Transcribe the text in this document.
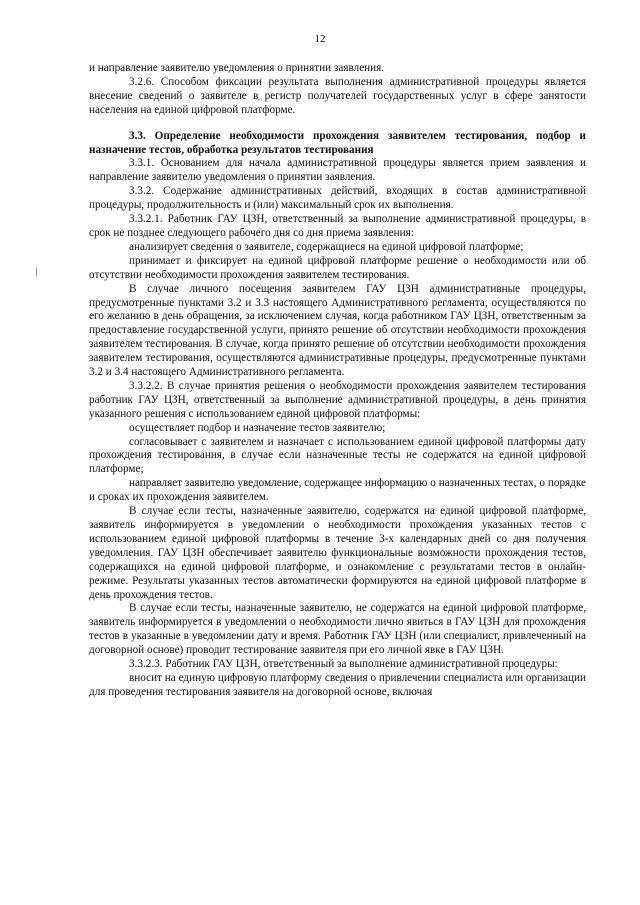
12

и направление заявителю уведомления о принятии заявления.

3.2.6. Способом фиксации результата выполнения административной процедуры является внесение сведений о заявителе в регистр получателей государственных услуг в сфере занятости населения на единой цифровой платформе.

3.3. Определение необходимости прохождения заявителем тестирования, подбор и назначение тестов, обработка результатов тестирования

3.3.1. Основанием для начала административной процедуры является прием заявления и направление заявителю уведомления о принятии заявления.

3.3.2. Содержание административных действий, входящих в состав административной процедуры, продолжительность и (или) максимальный срок их выполнения.

3.3.2.1. Работник ГАУ ЦЗН, ответственный за выполнение административной процедуры, в срок не позднее следующего рабочего дня со дня приема заявления:

анализирует сведения о заявителе, содержащиеся на единой цифровой платформе;

принимает и фиксирует на единой цифровой платформе решение о необходимости или об отсутствии необходимости прохождения заявителем тестирования.

В случае личного посещения заявителем ГАУ ЦЗН административные процедуры, предусмотренные пунктами 3.2 и 3.3 настоящего Административного регламента, осуществляются по его желанию в день обращения, за исключением случая, когда работником ГАУ ЦЗН, ответственным за предоставление государственной услуги, принято решение об отсутствии необходимости прохождения заявителем тестирования. В случае, когда принято решение об отсутствии необходимости прохождения заявителем тестирования, осуществляются административные процедуры, предусмотренные пунктами 3.2 и 3.4 настоящего Административного регламента.

3.3.2.2. В случае принятия решения о необходимости прохождения заявителем тестирования работник ГАУ ЦЗН, ответственный за выполнение административной процедуры, в день принятия указанного решения с использованием единой цифровой платформы:

осуществляет подбор и назначение тестов заявителю;

согласовывает с заявителем и назначает с использованием единой цифровой платформы дату прохождения тестирования, в случае если назначенные тесты не содержатся на единой цифровой платформе;

направляет заявителю уведомление, содержащее информацию о назначенных тестах, о порядке и сроках их прохождения заявителем.

В случае если тесты, назначенные заявителю, содержатся на единой цифровой платформе, заявитель информируется в уведомлении о необходимости прохождения указанных тестов с использованием единой цифровой платформы в течение 3-х календарных дней со дня получения уведомления. ГАУ ЦЗН обеспечивает заявителю функциональные возможности прохождения тестов, содержащихся на единой цифровой платформе, и ознакомление с результатами тестов в онлайн-режиме. Результаты указанных тестов автоматически формируются на единой цифровой платформе в день прохождения тестов.

В случае если тесты, назначенные заявителю, не содержатся на единой цифровой платформе, заявитель информируется в уведомлении о необходимости лично явиться в ГАУ ЦЗН для прохождения тестов в указанные в уведомлении дату и время. Работник ГАУ ЦЗН (или специалист, привлеченный на договорной основе) проводит тестирование заявителя при его личной явке в ГАУ ЦЗН.

3.3.2.3. Работник ГАУ ЦЗН, ответственный за выполнение административной процедуры:

вносит на единую цифровую платформу сведения о привлечении специалиста или организации для проведения тестирования заявителя на договорной основе, включая
